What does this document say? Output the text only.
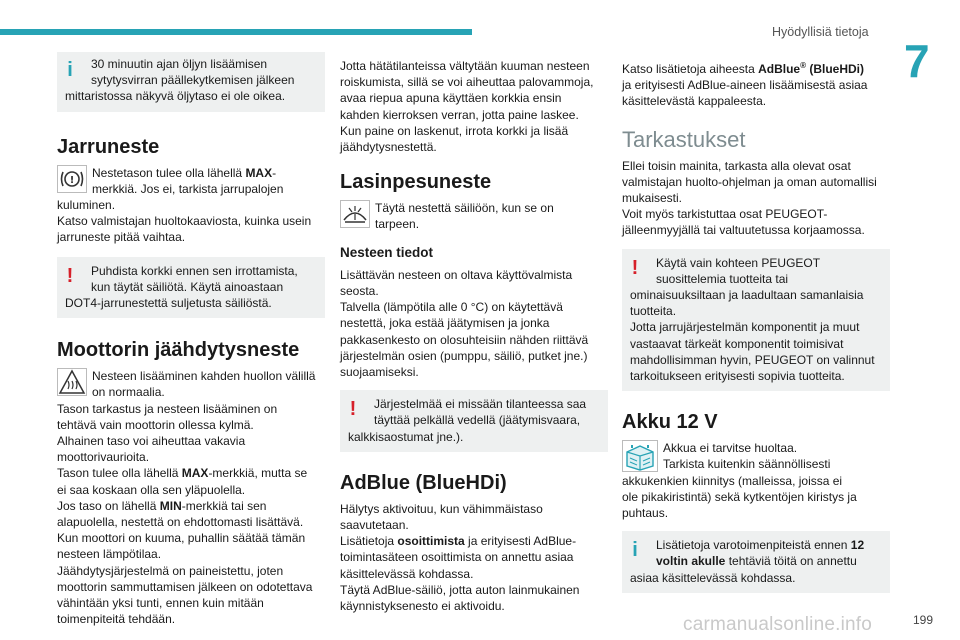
Hyödyllisiä tietoja
7
i	30 minuutin ajan öljyn lisäämisen

sytytysvirran päällekytkemisen jälkeen

mittaristossa näkyvä öljytaso ei ole oikea.

Jarruneste
!

Nestetason tulee olla lähellä MAX-

merkkiä. Jos ei, tarkista jarrupalojen

kuluminen.

Katso valmistajan huoltokaaviosta, kuinka usein

jarruneste pitää vaihtaa.

!	Puhdista korkki ennen sen irrottamista,

kun täytät säiliötä. Käytä ainoastaan

DOT4-jarrunestettä suljetusta säiliöstä.

Moottorin jäähdytysneste

Nesteen lisääminen kahden huollon välillä

on normaalia.

Tason tarkastus ja nesteen lisääminen on

tehtävä vain moottorin ollessa kylmä.

Alhainen taso voi aiheuttaa vakavia

moottorivaurioita.

Tason tulee olla lähellä MAX-merkkiä, mutta se

ei saa koskaan olla sen yläpuolella.

Jos taso on lähellä MIN-merkkiä tai sen

alapuolella, nestettä on ehdottomasti lisättävä.

Kun moottori on kuuma, puhallin säätää tämän

nesteen lämpötilaa.

Jäähdytysjärjestelmä on paineistettu, joten

moottorin sammuttamisen jälkeen on odotettava

vähintään yksi tunti, ennen kuin mitään

toimenpiteitä tehdään.

Jotta hätätilanteissa vältytään kuuman nesteen

roiskumista, sillä se voi aiheuttaa palovammoja,

avaa riepua apuna käyttäen korkkia ensin

kahden kierroksen verran, jotta paine laskee.

Kun paine on laskenut, irrota korkki ja lisää

jäähdytysnestettä.

Lasinpesuneste

Täytä nestettä säiliöön, kun se on

tarpeen.

Nesteen tiedot

Lisättävän nesteen on oltava käyttövalmista

seosta.

Talvella (lämpötila alle 0 °C) on käytettävä

nestettä, joka estää jäätymisen ja jonka

pakkasenkesto on olosuhteisiin nähden riittävä

järjestelmän osien (pumppu, säiliö, putket jne.)

suojaamiseksi.

!	Järjestelmää ei missään tilanteessa saa

täyttää pelkällä vedellä (jäätymisvaara,

kalkkisaostumat jne.).

AdBlue (BlueHDi)

Hälytys aktivoituu, kun vähimmäistaso

saavutetaan.

Lisätietoja osoittimista ja erityisesti AdBlue-

toimintasäteen osoittimista on annettu asiaa

käsittelevässä kohdassa.

Täytä AdBlue-säiliö, jotta auton lainmukainen

käynnistyksenesto ei aktivoidu.

Katso lisätietoja aiheesta AdBlue® (BlueHDi)

ja erityisesti AdBlue-aineen lisäämisestä asiaa

käsittelevästä kappaleesta.

Tarkastukset

Ellei toisin mainita, tarkasta alla olevat osat

valmistajan huolto-ohjelman ja oman automallisi

mukaisesti.

Voit myös tarkistuttaa osat PEUGEOT-

jälleenmyyjällä tai valtuutetussa korjaamossa.

!	Käytä vain kohteen PEUGEOT

suosittelemia tuotteita tai

ominaisuuksiltaan ja laadultaan samanlaisia

tuotteita.

Jotta jarrujärjestelmän komponentit ja muut

vastaavat tärkeät komponentit toimisivat

mahdollisimman hyvin, PEUGEOT on valinnut

tarkoitukseen erityisesti sopivia tuotteita.

Akku 12 V

Akkua ei tarvitse huoltaa.

Tarkista kuitenkin säännöllisesti

akkukenkien kiinnitys (malleissa, joissa ei

ole pikakiristintä) sekä kytkentöjen kiristys ja

puhtaus.

i	Lisätietoja varotoimenpiteistä ennen 12

voltin akulle tehtäviä töitä on annettu

asiaa käsittelevässä kohdassa.

carmanualsonline.info	199
